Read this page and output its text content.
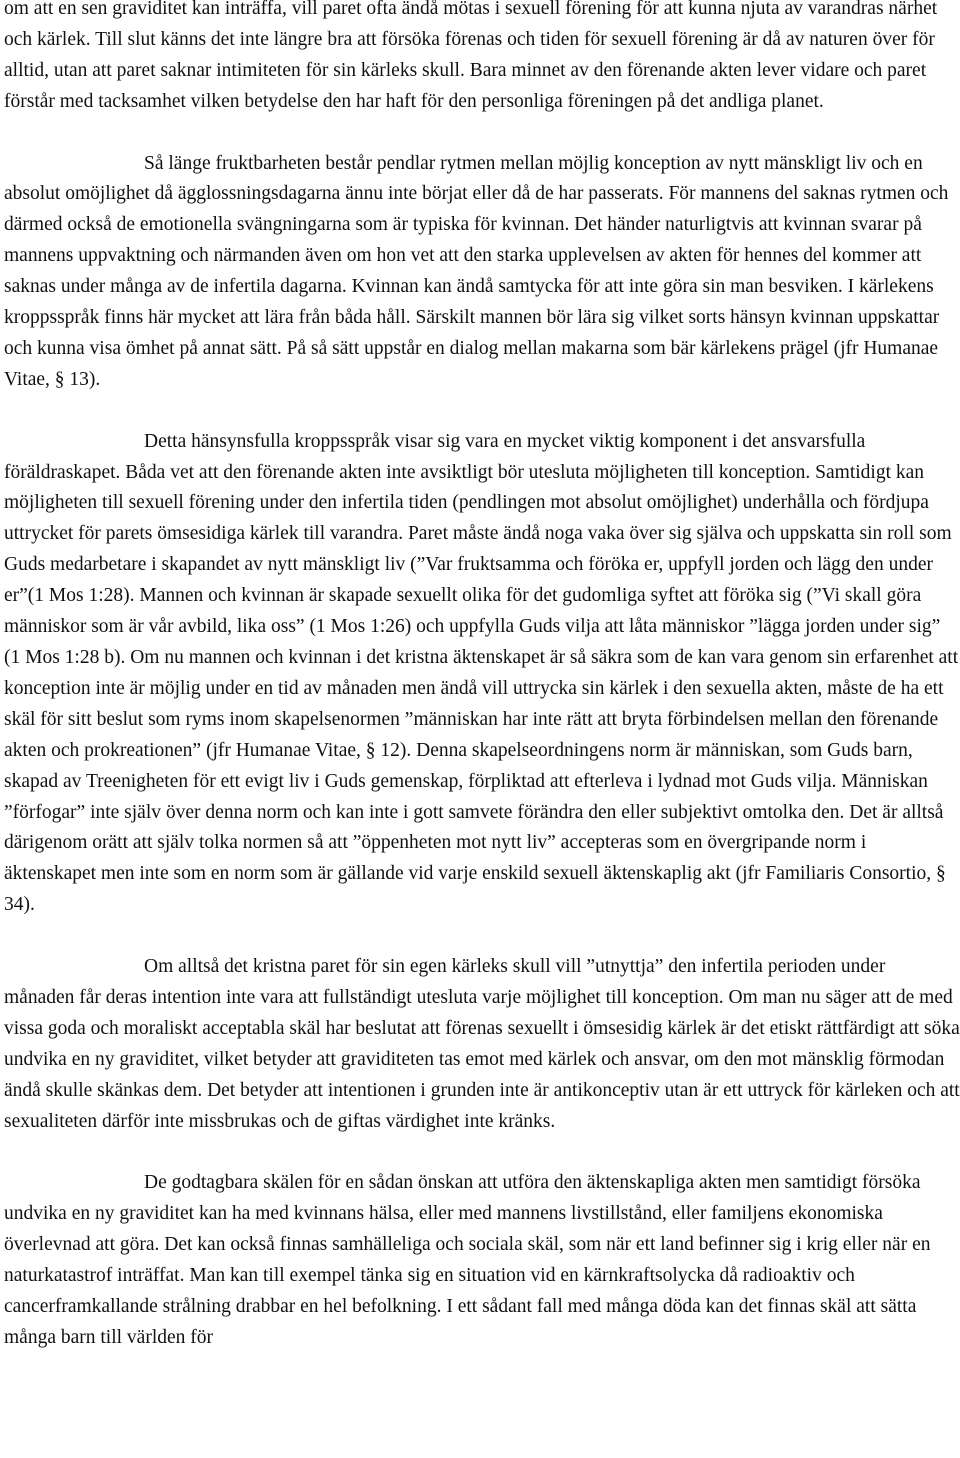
om att en sen graviditet kan inträffa, vill paret ofta ändå mötas i sexuell förening för att kunna njuta av varandras närhet och kärlek. Till slut känns det inte längre bra att försöka förenas och tiden för sexuell förening är då av naturen över för alltid, utan att paret saknar intimiteten för sin kärleks skull. Bara minnet av den förenande akten lever vidare och paret förstår med tacksamhet vilken betydelse den har haft för den personliga föreningen på det andliga planet.

Så länge fruktbarheten består pendlar rytmen mellan möjlig konception av nytt mänskligt liv och en absolut omöjlighet då ägglossningsdagarna ännu inte börjat eller då de har passerats. För mannens del saknas rytmen och därmed också de emotionella svängningarna som är typiska för kvinnan. Det händer naturligtvis att kvinnan svarar på mannens uppvaktning och närmanden även om hon vet att den starka upplevelsen av akten för hennes del kommer att saknas under många av de infertila dagarna. Kvinnan kan ändå samtycka för att inte göra sin man besviken. I kärlekens kroppsspråk finns här mycket att lära från båda håll. Särskilt mannen bör lära sig vilket sorts hänsyn kvinnan uppskattar och kunna visa ömhet på annat sätt. På så sätt uppstår en dialog mellan makarna som bär kärlekens prägel (jfr Humanae Vitae, § 13).

Detta hänsynsfulla kroppsspråk visar sig vara en mycket viktig komponent i det ansvarsfulla föräldraskapet. Båda vet att den förenande akten inte avsiktligt bör utesluta möjligheten till konception. Samtidigt kan möjligheten till sexuell förening under den infertila tiden (pendlingen mot absolut omöjlighet) underhålla och fördjupa uttrycket för parets ömsesidiga kärlek till varandra. Paret måste ändå noga vaka över sig själva och uppskatta sin roll som Guds medarbetare i skapandet av nytt mänskligt liv (”Var fruktsamma och föröka er, uppfyll jorden och lägg den under er”(1 Mos 1:28). Mannen och kvinnan är skapade sexuellt olika för det gudomliga syftet att föröka sig (”Vi skall göra människor som är vår avbild, lika oss” (1 Mos 1:26) och uppfylla Guds vilja att låta människor ”lägga jorden under sig” (1 Mos 1:28 b). Om nu mannen och kvinnan i det kristna äktenskapet är så säkra som de kan vara genom sin erfarenhet att konception inte är möjlig under en tid av månaden men ändå vill uttrycka sin kärlek i den sexuella akten, måste de ha ett skäl för sitt beslut som ryms inom skapelsenormen ”människan har inte rätt att bryta förbindelsen mellan den förenande akten och prokreationen” (jfr Humanae Vitae, § 12). Denna skapelseordningens norm är människan, som Guds barn, skapad av Treenigheten för ett evigt liv i Guds gemenskap, förpliktad att efterleva i lydnad mot Guds vilja. Människan ”förfogar” inte själv över denna norm och kan inte i gott samvete förändra den eller subjektivt omtolka den. Det är alltså därigenom orätt att själv tolka normen så att ”öppenheten mot nytt liv” accepteras som en övergripande norm i äktenskapet men inte som en norm som är gällande vid varje enskild sexuell äktenskaplig akt (jfr Familiaris Consortio, § 34).

Om alltså det kristna paret för sin egen kärleks skull vill ”utnyttja” den infertila perioden under månaden får deras intention inte vara att fullständigt utesluta varje möjlighet till konception. Om man nu säger att de med vissa goda och moraliskt acceptabla skäl har beslutat att förenas sexuellt i ömsesidig kärlek är det etiskt rättfärdigt att söka undvika en ny graviditet, vilket betyder att graviditeten tas emot med kärlek och ansvar, om den mot mänsklig förmodan ändå skulle skänkas dem. Det betyder att intentionen i grunden inte är antikonceptiv utan är ett uttryck för kärleken och att sexualiteten därför inte missbrukas och de giftas värdighet inte kränks.

De godtagbara skälen för en sådan önskan att utföra den äktenskapliga akten men samtidigt försöka undvika en ny graviditet kan ha med kvinnans hälsa, eller med mannens livstillstånd, eller familjens ekonomiska överlevnad att göra. Det kan också finnas samhälleliga och sociala skäl, som när ett land befinner sig i krig eller när en naturkatastrof inträffat. Man kan till exempel tänka sig en situation vid en kärnkraftsolycka då radioaktiv och cancerframkallande strålning drabbar en hel befolkning. I ett sådant fall med många döda kan det finnas skäl att sätta många barn till världen för
